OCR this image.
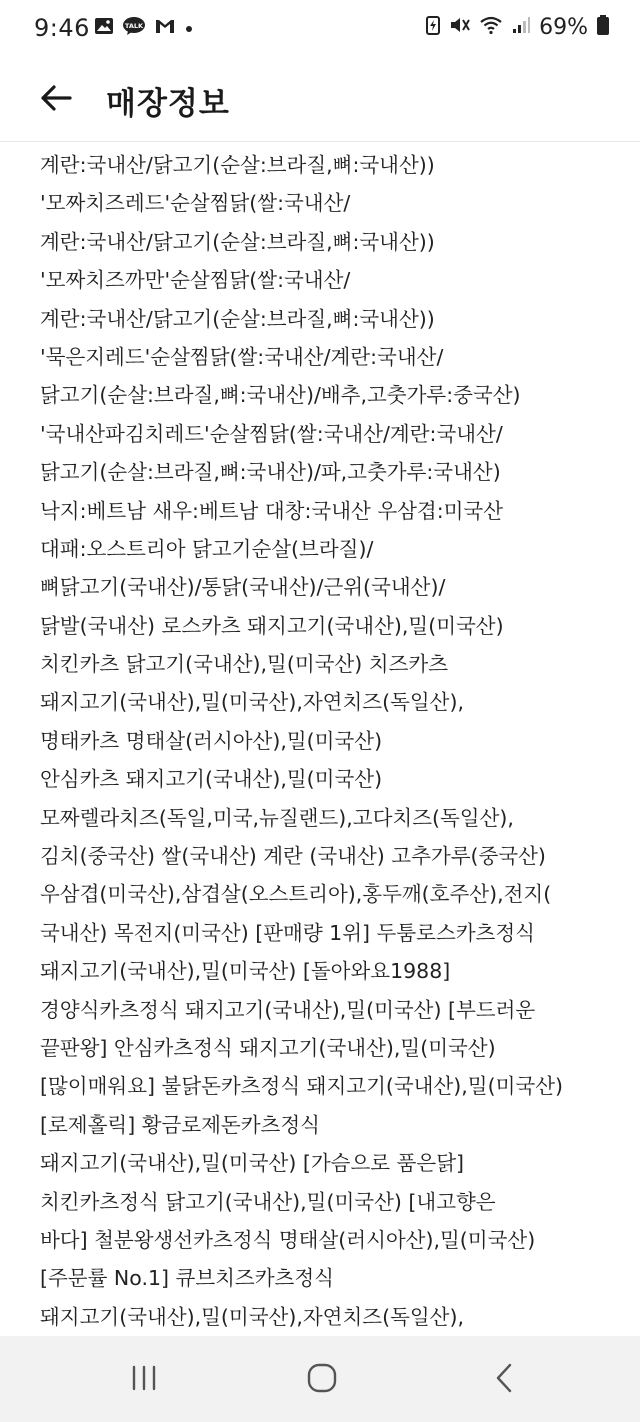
9:46	TALK	69%
매장정보
계란:국내산/닭고기(순살:브라질,뼈:국내산))
'모짜치즈레드'순살찜닭(쌀:국내산/
계란:국내산/닭고기(순살:브라질,뼈:국내산))
'모짜치즈까만'순살찜닭(쌀:국내산/
계란:국내산/닭고기(순살:브라질,뼈:국내산))
'묵은지레드'순살찜닭(쌀:국내산/계란:국내산/
닭고기(순살:브라질,뼈:국내산)/배추,고춧가루:중국산)
'국내산파김치레드'순살찜닭(쌀:국내산/계란:국내산/
닭고기(순살:브라질,뼈:국내산)/파,고춧가루:국내산)
낙지:베트남 새우:베트남 대창:국내산 우삼겹:미국산
대패:오스트리아 닭고기순살(브라질)/
뼈닭고기(국내산)/통닭(국내산)/근위(국내산)/
닭발(국내산) 로스카츠 돼지고기(국내산),밀(미국산)
치킨카츠 닭고기(국내산),밀(미국산) 치즈카츠
돼지고기(국내산),밀(미국산),자연치즈(독일산),
명태카츠 명태살(러시아산),밀(미국산)
안심카츠 돼지고기(국내산),밀(미국산)
모짜렐라치즈(독일,미국,뉴질랜드),고다치즈(독일산),
김치(중국산) 쌀(국내산) 계란 (국내산) 고추가루(중국산)
우삼겹(미국산),삼겹살(오스트리아),홍두깨(호주산),전지(
국내산) 목전지(미국산) [판매량 1위] 두툼로스카츠정식
돼지고기(국내산),밀(미국산) [돌아와요1988]
경양식카츠정식 돼지고기(국내산),밀(미국산) [부드러운
끝판왕] 안심카츠정식 돼지고기(국내산),밀(미국산)
[많이매워요] 불닭돈카츠정식 돼지고기(국내산),밀(미국산)
[로제홀릭] 황금로제돈카츠정식
돼지고기(국내산),밀(미국산) [가슴으로 품은닭]
치킨카츠정식 닭고기(국내산),밀(미국산) [내고향은
바다] 철분왕생선카츠정식 명태살(러시아산),밀(미국산)
[주문률 No.1] 큐브치즈카츠정식
돼지고기(국내산),밀(미국산),자연치즈(독일산),
